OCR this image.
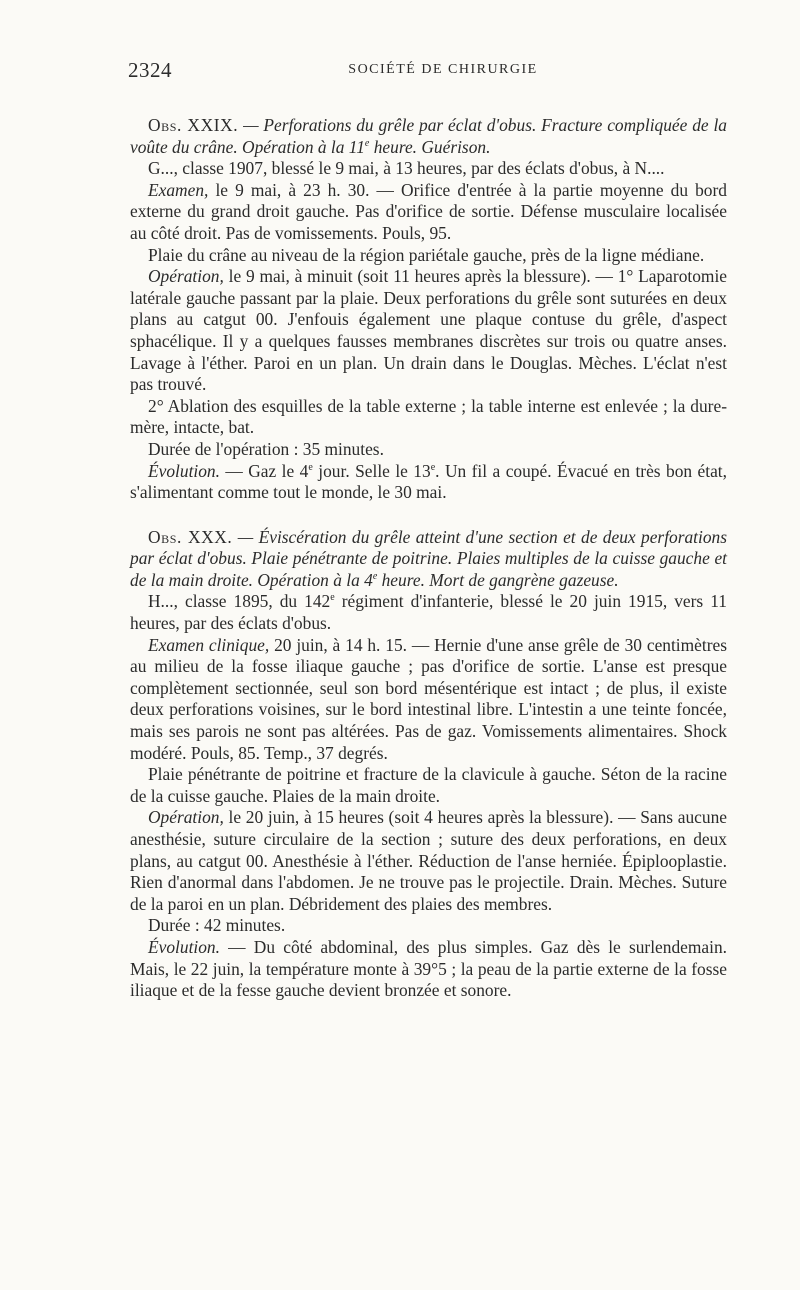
2324	SOCIÉTÉ DE CHIRURGIE

Obs. XXIX. — Perforations du grêle par éclat d'obus. Fracture compliquée de la voûte du crâne. Opération à la 11e heure. Guérison.

G..., classe 1907, blessé le 9 mai, à 13 heures, par des éclats d'obus, à N....

Examen, le 9 mai, à 23 h. 30. — Orifice d'entrée à la partie moyenne du bord externe du grand droit gauche. Pas d'orifice de sortie. Défense musculaire localisée au côté droit. Pas de vomissements. Pouls, 95.

Plaie du crâne au niveau de la région pariétale gauche, près de la ligne médiane.

Opération, le 9 mai, à minuit (soit 11 heures après la blessure). — 1° Laparotomie latérale gauche passant par la plaie. Deux perforations du grêle sont suturées en deux plans au catgut 00. J'enfouis également une plaque contuse du grêle, d'aspect sphacélique. Il y a quelques fausses membranes discrètes sur trois ou quatre anses. Lavage à l'éther. Paroi en un plan. Un drain dans le Douglas. Mèches. L'éclat n'est pas trouvé.

2° Ablation des esquilles de la table externe ; la table interne est enlevée ; la dure-mère, intacte, bat.

Durée de l'opération : 35 minutes.

Évolution. — Gaz le 4e jour. Selle le 13e. Un fil a coupé. Évacué en très bon état, s'alimentant comme tout le monde, le 30 mai.

Obs. XXX. — Éviscération du grêle atteint d'une section et de deux perforations par éclat d'obus. Plaie pénétrante de poitrine. Plaies multiples de la cuisse gauche et de la main droite. Opération à la 4e heure. Mort de gangrène gazeuse.

H..., classe 1895, du 142e régiment d'infanterie, blessé le 20 juin 1915, vers 11 heures, par des éclats d'obus.

Examen clinique, 20 juin, à 14 h. 15. — Hernie d'une anse grêle de 30 centimètres au milieu de la fosse iliaque gauche ; pas d'orifice de sortie. L'anse est presque complètement sectionnée, seul son bord mésentérique est intact ; de plus, il existe deux perforations voisines, sur le bord intestinal libre. L'intestin a une teinte foncée, mais ses parois ne sont pas altérées. Pas de gaz. Vomissements alimentaires. Shock modéré. Pouls, 85. Temp., 37 degrés.

Plaie pénétrante de poitrine et fracture de la clavicule à gauche. Séton de la racine de la cuisse gauche. Plaies de la main droite.

Opération, le 20 juin, à 15 heures (soit 4 heures après la blessure). — Sans aucune anesthésie, suture circulaire de la section ; suture des deux perforations, en deux plans, au catgut 00. Anesthésie à l'éther. Réduction de l'anse herniée. Épiplooplastie. Rien d'anormal dans l'abdomen. Je ne trouve pas le projectile. Drain. Mèches. Suture de la paroi en un plan. Débridement des plaies des membres.

Durée : 42 minutes.

Évolution. — Du côté abdominal, des plus simples. Gaz dès le surlendemain. Mais, le 22 juin, la température monte à 39°5 ; la peau de la partie externe de la fosse iliaque et de la fesse gauche devient bronzée et sonore.
